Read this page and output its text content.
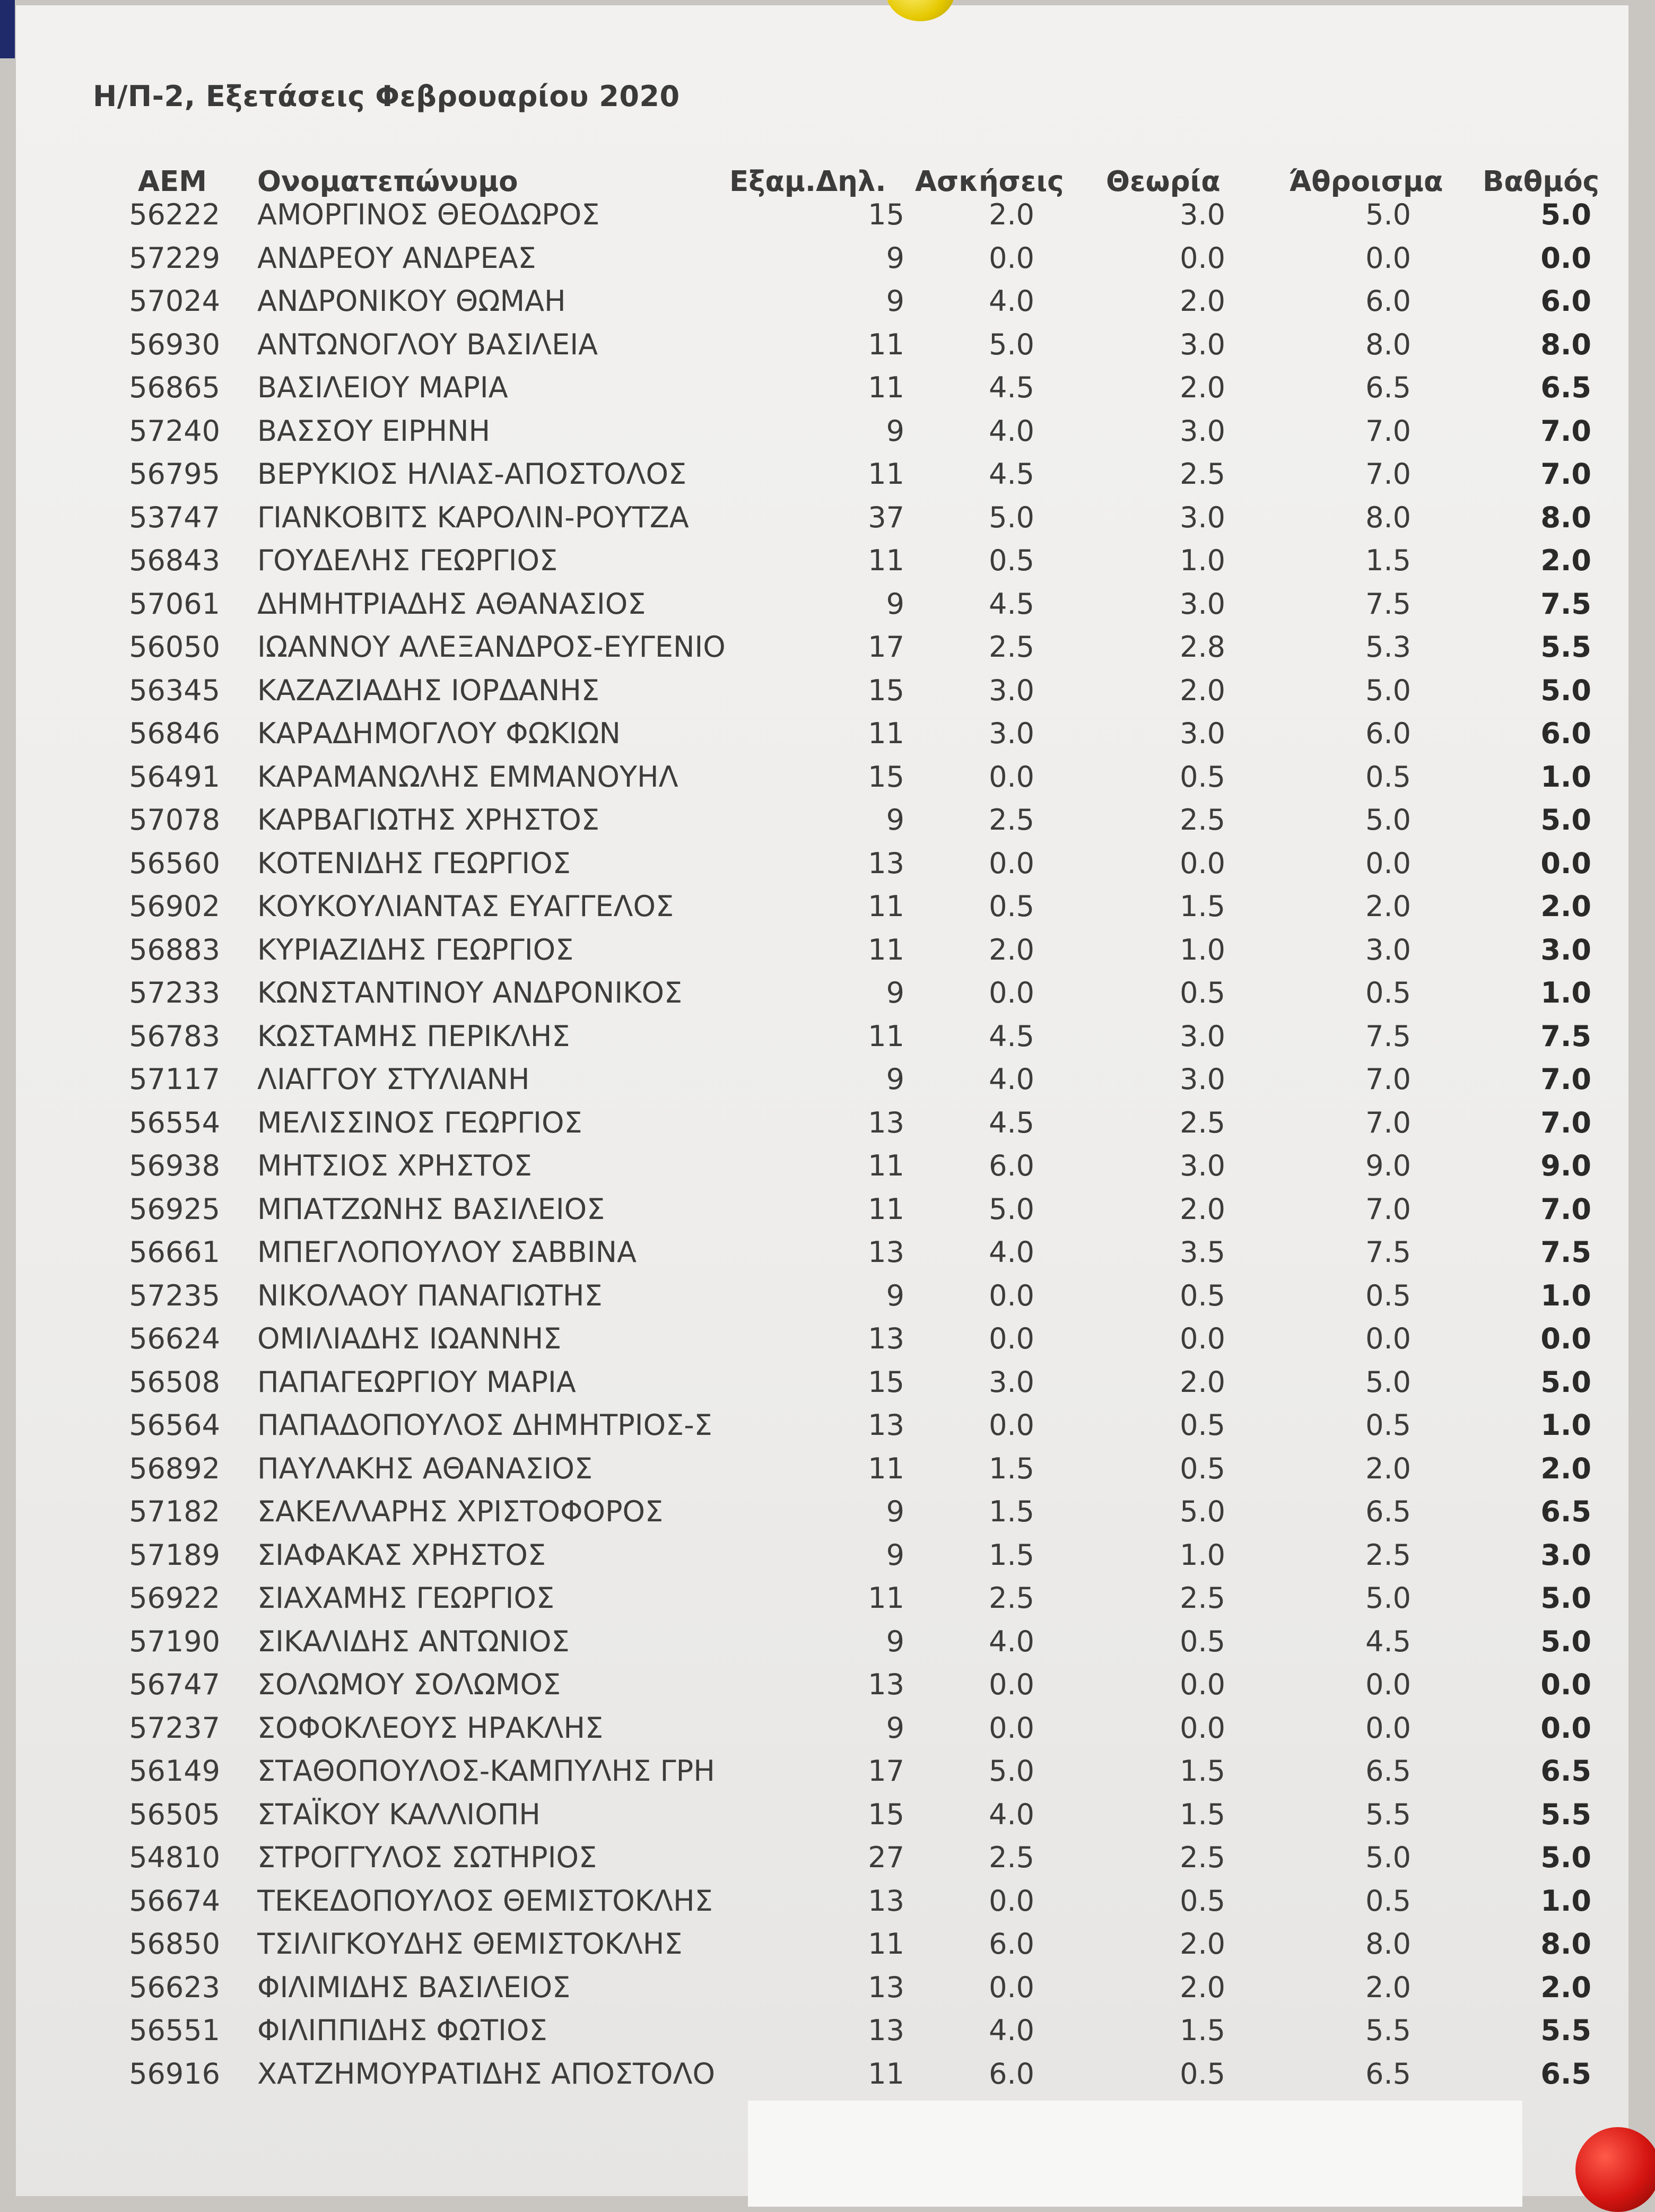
Η/Π-2, Εξετάσεις Φεβρουαρίου 2020
ΑΕΜ Ονοματεπώνυμο	Εξαμ.Δηλ. Ασκήσεις Θεωρία Άθροισμα Βαθμός
56222 ΑΜΟΡΓΙΝΟΣ ΘΕΟΔΩΡΟΣ	15	2.0	3.0	5.0	5.0
57229 ΑΝΔΡΕΟΥ ΑΝΔΡΕΑΣ	9	0.0	0.0	0.0	0.0
57024 ΑΝΔΡΟΝΙΚΟΥ ΘΩΜΑΗ	9	4.0	2.0	6.0	6.0
56930 ΑΝΤΩΝΟΓΛΟΥ ΒΑΣΙΛΕΙΑ	11	5.0	3.0	8.0	8.0
56865 ΒΑΣΙΛΕΙΟΥ ΜΑΡΙΑ	11	4.5	2.0	6.5	6.5
57240 ΒΑΣΣΟΥ ΕΙΡΗΝΗ	9	4.0	3.0	7.0	7.0
56795 ΒΕΡΥΚΙΟΣ ΗΛΙΑΣ-ΑΠΟΣΤΟΛΟΣ	11	4.5	2.5	7.0	7.0
53747 ΓΙΑΝΚΟΒΙΤΣ ΚΑΡΟΛΙΝ-ΡΟΥΤΖΑ	37	5.0	3.0	8.0	8.0
56843 ΓΟΥΔΕΛΗΣ ΓΕΩΡΓΙΟΣ	11	0.5	1.0	1.5	2.0
57061 ΔΗΜΗΤΡΙΑΔΗΣ ΑΘΑΝΑΣΙΟΣ	9	4.5	3.0	7.5	7.5
56050 ΙΩΑΝΝΟΥ ΑΛΕΞΑΝΔΡΟΣ-ΕΥΓΕΝΙΟ	17	2.5	2.8	5.3	5.5
56345 ΚΑΖΑΖΙΑΔΗΣ ΙΟΡΔΑΝΗΣ	15	3.0	2.0	5.0	5.0
56846 ΚΑΡΑΔΗΜΟΓΛΟΥ ΦΩΚΙΩΝ	11	3.0	3.0	6.0	6.0
56491 ΚΑΡΑΜΑΝΩΛΗΣ ΕΜΜΑΝΟΥΗΛ	15	0.0	0.5	0.5	1.0
57078 ΚΑΡΒΑΓΙΩΤΗΣ ΧΡΗΣΤΟΣ	9	2.5	2.5	5.0	5.0
56560 ΚΟΤΕΝΙΔΗΣ ΓΕΩΡΓΙΟΣ	13	0.0	0.0	0.0	0.0
56902 ΚΟΥΚΟΥΛΙΑΝΤΑΣ ΕΥΑΓΓΕΛΟΣ	11	0.5	1.5	2.0	2.0
56883 ΚΥΡΙΑΖΙΔΗΣ ΓΕΩΡΓΙΟΣ	11	2.0	1.0	3.0	3.0
57233 ΚΩΝΣΤΑΝΤΙΝΟΥ ΑΝΔΡΟΝΙΚΟΣ	9	0.0	0.5	0.5	1.0
56783 ΚΩΣΤΑΜΗΣ ΠΕΡΙΚΛΗΣ	11	4.5	3.0	7.5	7.5
57117 ΛΙΑΓΓΟΥ ΣΤΥΛΙΑΝΗ	9	4.0	3.0	7.0	7.0
56554 ΜΕΛΙΣΣΙΝΟΣ ΓΕΩΡΓΙΟΣ	13	4.5	2.5	7.0	7.0
56938 ΜΗΤΣΙΟΣ ΧΡΗΣΤΟΣ	11	6.0	3.0	9.0	9.0
56925 ΜΠΑΤΖΩΝΗΣ ΒΑΣΙΛΕΙΟΣ	11	5.0	2.0	7.0	7.0
56661 ΜΠΕΓΛΟΠΟΥΛΟΥ ΣΑΒΒΙΝΑ	13	4.0	3.5	7.5	7.5
57235 ΝΙΚΟΛΑΟΥ ΠΑΝΑΓΙΩΤΗΣ	9	0.0	0.5	0.5	1.0
56624 ΟΜΙΛΙΑΔΗΣ ΙΩΑΝΝΗΣ	13	0.0	0.0	0.0	0.0
56508 ΠΑΠΑΓΕΩΡΓΙΟΥ ΜΑΡΙΑ	15	3.0	2.0	5.0	5.0
56564 ΠΑΠΑΔΟΠΟΥΛΟΣ ΔΗΜΗΤΡΙΟΣ-Σ	13	0.0	0.5	0.5	1.0
56892 ΠΑΥΛΑΚΗΣ ΑΘΑΝΑΣΙΟΣ	11	1.5	0.5	2.0	2.0
57182 ΣΑΚΕΛΛΑΡΗΣ ΧΡΙΣΤΟΦΟΡΟΣ	9	1.5	5.0	6.5	6.5
57189 ΣΙΑΦΑΚΑΣ ΧΡΗΣΤΟΣ	9	1.5	1.0	2.5	3.0
56922 ΣΙΑΧΑΜΗΣ ΓΕΩΡΓΙΟΣ	11	2.5	2.5	5.0	5.0
57190 ΣΙΚΑΛΙΔΗΣ ΑΝΤΩΝΙΟΣ	9	4.0	0.5	4.5	5.0
56747 ΣΟΛΩΜΟΥ ΣΟΛΩΜΟΣ	13	0.0	0.0	0.0	0.0
57237 ΣΟΦΟΚΛΕΟΥΣ ΗΡΑΚΛΗΣ	9	0.0	0.0	0.0	0.0
56149 ΣΤΑΘΟΠΟΥΛΟΣ-ΚΑΜΠΥΛΗΣ ΓΡΗ	17	5.0	1.5	6.5	6.5
56505 ΣΤΑΪΚΟΥ ΚΑΛΛΙΟΠΗ	15	4.0	1.5	5.5	5.5
54810 ΣΤΡΟΓΓΥΛΟΣ ΣΩΤΗΡΙΟΣ	27	2.5	2.5	5.0	5.0
56674 ΤΕΚΕΔΟΠΟΥΛΟΣ ΘΕΜΙΣΤΟΚΛΗΣ	13	0.0	0.5	0.5	1.0
56850 ΤΣΙΛΙΓΚΟΥΔΗΣ ΘΕΜΙΣΤΟΚΛΗΣ	11	6.0	2.0	8.0	8.0
56623 ΦΙΛΙΜΙΔΗΣ ΒΑΣΙΛΕΙΟΣ	13	0.0	2.0	2.0	2.0
56551 ΦΙΛΙΠΠΙΔΗΣ ΦΩΤΙΟΣ	13	4.0	1.5	5.5	5.5
56916 ΧΑΤΖΗΜΟΥΡΑΤΙΔΗΣ ΑΠΟΣΤΟΛΟ	11	6.0	0.5	6.5	6.5
